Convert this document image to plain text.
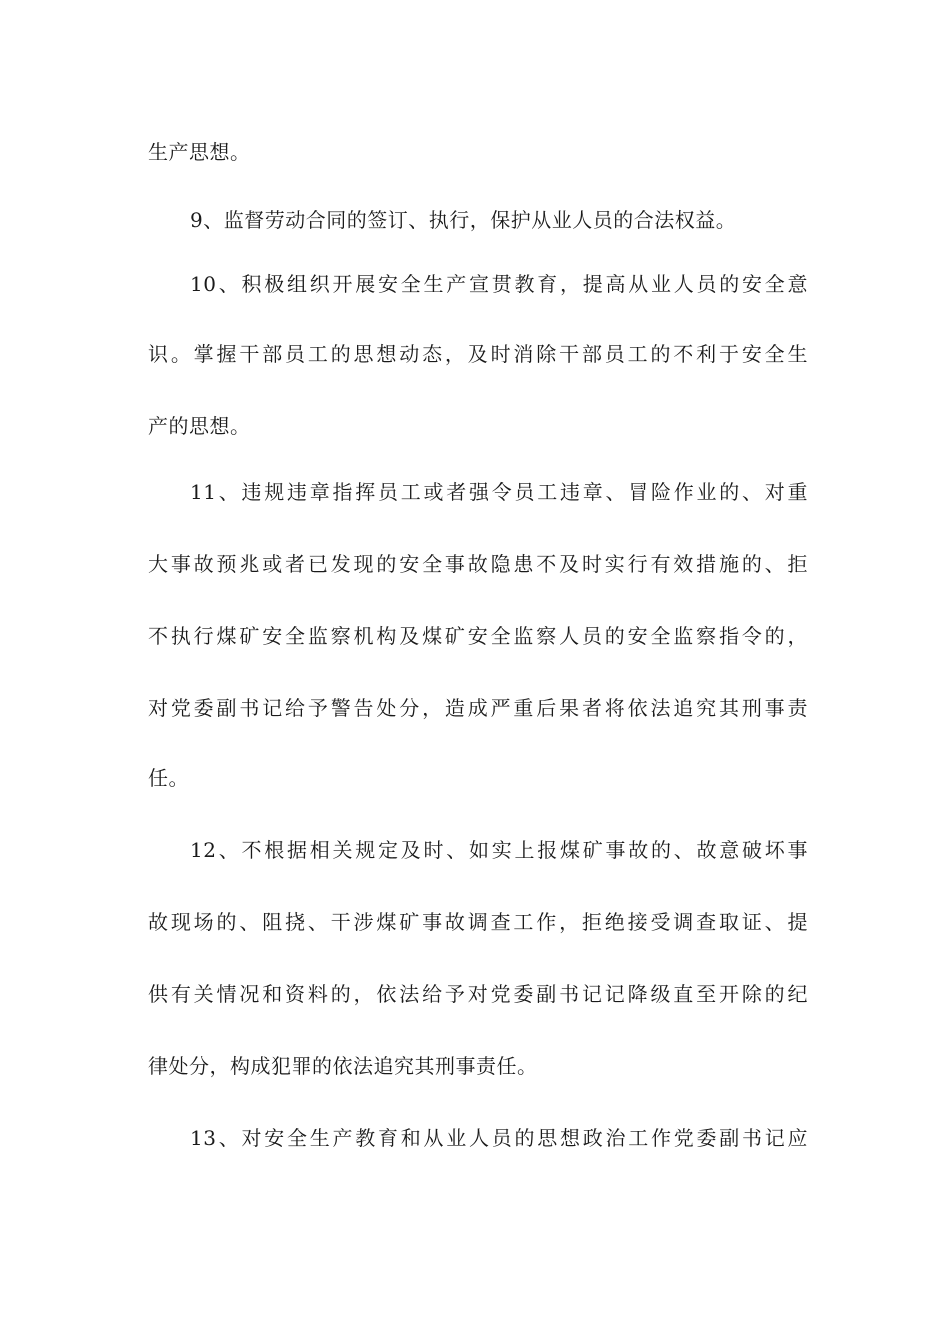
生产思想。
9、监督劳动合同的签订、执行，保护从业人员的合法权益。
10、积极组织开展安全生产宣贯教育，提高从业人员的安全意
识。掌握干部员工的思想动态，及时消除干部员工的不利于安全生
产的思想。
11、违规违章指挥员工或者强令员工违章、冒险作业的、对重
大事故预兆或者已发现的安全事故隐患不及时实行有效措施的、拒
不执行煤矿安全监察机构及煤矿安全监察人员的安全监察指令的，
对党委副书记给予警告处分，造成严重后果者将依法追究其刑事责
任。
12、不根据相关规定及时、如实上报煤矿事故的、故意破坏事
故现场的、阻挠、干涉煤矿事故调查工作，拒绝接受调查取证、提
供有关情况和资料的，依法给予对党委副书记记降级直至开除的纪
律处分，构成犯罪的依法追究其刑事责任。
13、对安全生产教育和从业人员的思想政治工作党委副书记应
